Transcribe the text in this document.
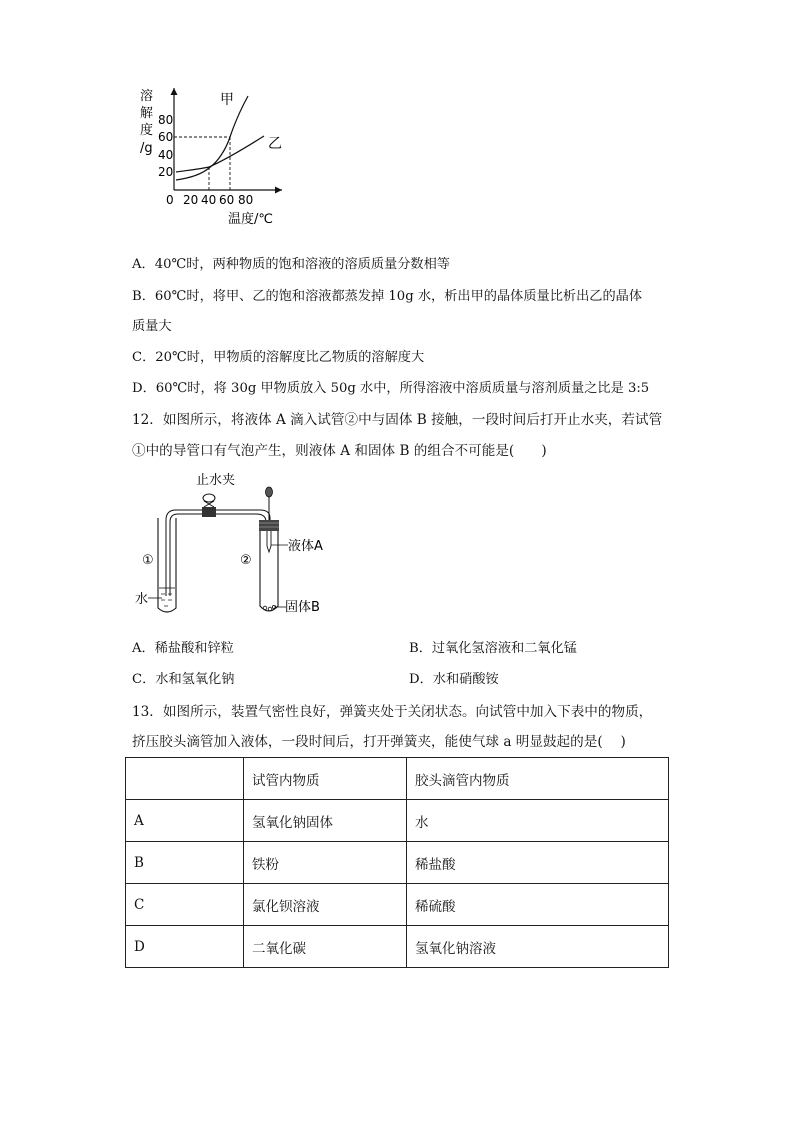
溶
解
度
/g
80
60
40
20
0 20 40 60 80
温度/℃
甲
乙
A．40℃时，两种物质的饱和溶液的溶质质量分数相等
B．60℃时，将甲、乙的饱和溶液都蒸发掉 10g 水，析出甲的晶体质量比析出乙的晶体
质量大
C．20℃时，甲物质的溶解度比乙物质的溶解度大
D．60℃时，将 30g 甲物质放入 50g 水中，所得溶液中溶质质量与溶剂质量之比是 3:5
12．如图所示，将液体 A 滴入试管②中与固体 B 接触，一段时间后打开止水夹，若试管
①中的导管口有气泡产生，则液体 A 和固体 B 的组合不可能是(　　)
止水夹
①	②
水
液体A
固体B
A．稀盐酸和锌粒	B．过氧化氢溶液和二氧化锰
C．水和氢氧化钠	D．水和硝酸铵
13．如图所示，装置气密性良好，弹簧夹处于关闭状态。向试管中加入下表中的物质，
挤压胶头滴管加入液体，一段时间后，打开弹簧夹，能使气球 a 明显鼓起的是(　 )
	试管内物质	胶头滴管内物质
A	氢氧化钠固体	水
B	铁粉	稀盐酸
C	氯化钡溶液	稀硫酸
D	二氧化碳	氢氧化钠溶液
